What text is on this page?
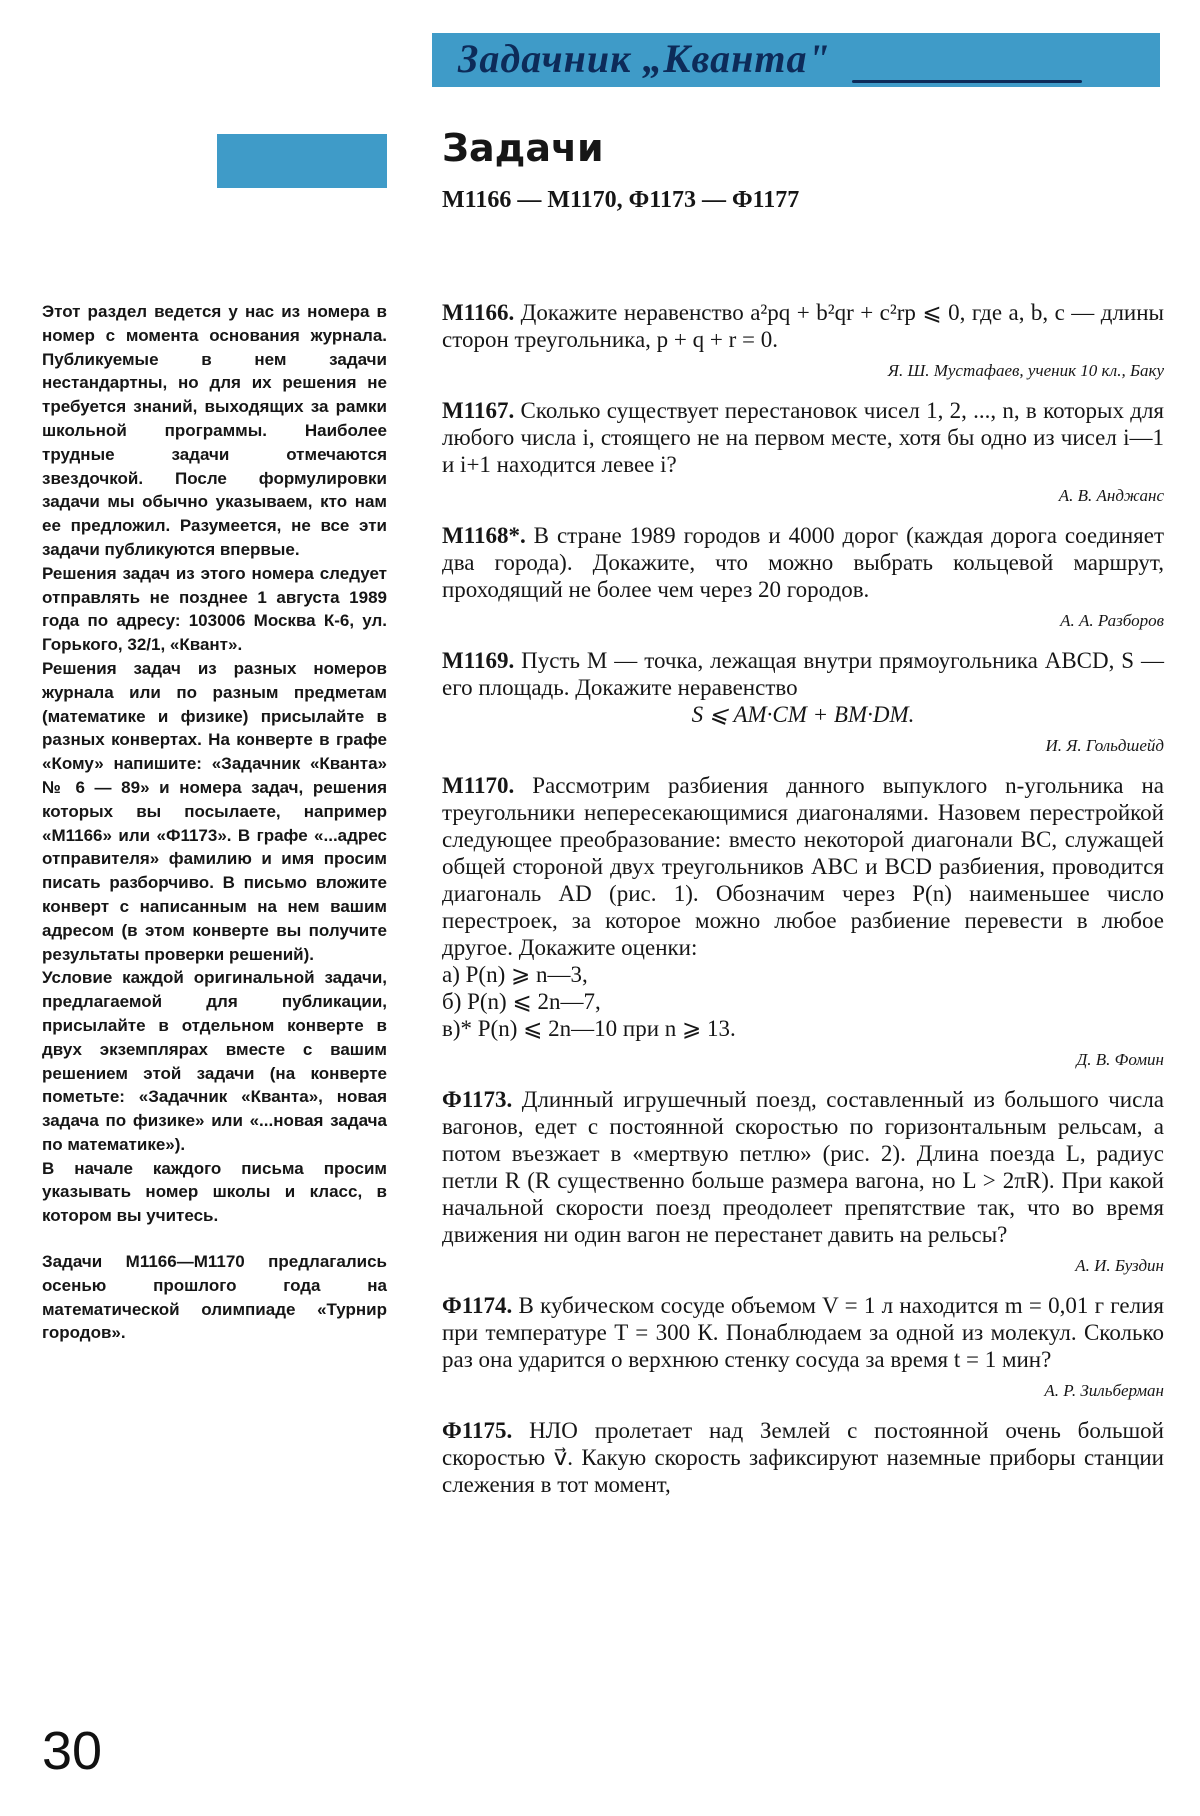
Задачник „Кванта"
Задачи
М1166 — М1170, Ф1173 — Ф1177

Этот раздел ведется у нас из номера в номер с момента основания журнала. Публикуемые в нем задачи нестандартны, но для их решения не требуется знаний, выходящих за рамки школьной программы. Наиболее трудные задачи отмечаются звездочкой. После формулировки задачи мы обычно указываем, кто нам ее предложил. Разумеется, не все эти задачи публикуются впервые.

Решения задач из этого номера следует отправлять не позднее 1 августа 1989 года по адресу: 103006 Москва К-6, ул. Горького, 32/1, «Квант».

Решения задач из разных номеров журнала или по разным предметам (математике и физике) присылайте в разных конвертах. На конверте в графе «Кому» напишите: «Задачник «Кванта» № 6 — 89» и номера задач, решения которых вы посылаете, например «М1166» или «Ф1173». В графе «...адрес отправителя» фамилию и имя просим писать разборчиво. В письмо вложите конверт с написанным на нем вашим адресом (в этом конверте вы получите результаты проверки решений).

Условие каждой оригинальной задачи, предлагаемой для публикации, присылайте в отдельном конверте в двух экземплярах вместе с вашим решением этой задачи (на конверте пометьте: «Задачник «Кванта», новая задача по физике» или «...новая задача по математике»).

В начале каждого письма просим указывать номер школы и класс, в котором вы учитесь.

Задачи М1166—М1170 предлагались осенью прошлого года на математической олимпиаде «Турнир городов».

30

М1166. Докажите неравенство a²pq + b²qr + c²rp ⩽ 0, где a, b, c — длины сторон треугольника, p + q + r = 0.

Я. Ш. Мустафаев, ученик 10 кл., Баку

М1167. Сколько существует перестановок чисел 1, 2, ..., n, в которых для любого числа i, стоящего не на первом месте, хотя бы одно из чисел i—1 и i+1 находится левее i?

А. В. Анджанс

М1168*. В стране 1989 городов и 4000 дорог (каждая дорога соединяет два города). Докажите, что можно выбрать кольцевой маршрут, проходящий не более чем через 20 городов.

А. А. Разборов

М1169. Пусть M — точка, лежащая внутри прямоугольника ABCD, S — его площадь. Докажите неравенство

S ⩽ AM·CM + BM·DM.

И. Я. Гольдшейд

М1170. Рассмотрим разбиения данного выпуклого n-угольника на треугольники непересекающимися диагоналями. Назовем перестройкой следующее преобразование: вместо некоторой диагонали BC, служащей общей стороной двух треугольников ABC и BCD разбиения, проводится диагональ AD (рис. 1). Обозначим через P(n) наименьшее число перестроек, за которое можно любое разбиение перевести в любое другое. Докажите оценки:

а) P(n) ⩾ n—3,

б) P(n) ⩽ 2n—7,

в)* P(n) ⩽ 2n—10 при n ⩾ 13.

Д. В. Фомин

Ф1173. Длинный игрушечный поезд, составленный из большого числа вагонов, едет с постоянной скоростью по горизонтальным рельсам, а потом въезжает в «мертвую петлю» (рис. 2). Длина поезда L, радиус петли R (R существенно больше размера вагона, но L > 2πR). При какой начальной скорости поезд преодолеет препятствие так, что во время движения ни один вагон не перестанет давить на рельсы?

А. И. Буздин

Ф1174. В кубическом сосуде объемом V = 1 л находится m = 0,01 г гелия при температуре T = 300 К. Понаблюдаем за одной из молекул. Сколько раз она ударится о верхнюю стенку сосуда за время t = 1 мин?

А. Р. Зильберман

Ф1175. НЛО пролетает над Землей с постоянной очень большой скоростью v⃗. Какую скорость зафиксируют наземные приборы станции слежения в тот момент,
